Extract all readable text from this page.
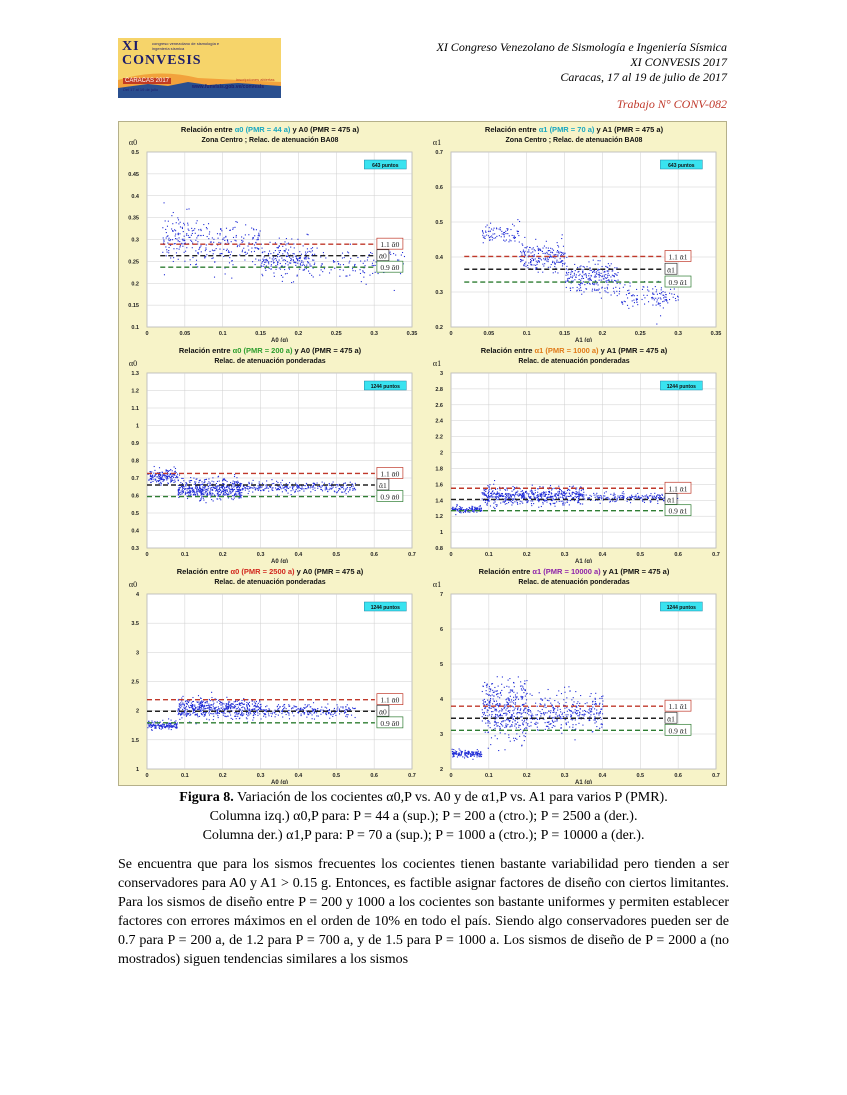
XI
CONVESIS
congreso venezolano de sismología e ingeniería sísmica
CARACAS 2017
Del 17 al 19 de julio
inscripciones abiertas
www.funvisis.gob.ve/convesis
XI Congreso Venezolano de Sismología e Ingeniería Sísmica
XI CONVESIS 2017
Caracas, 17 al 19 de julio de 2017
Trabajo N° CONV-082
Relación entre α0 (PMR = 44 a) y A0 (PMR = 475 a)
Zona Centro ; Relac. de atenuación BA08
α0
0	0.05	0.1	0.15	0.2	0.25	0.3	0.35
0.1
0.15
0.2
0.25
0.3
0.35
0.4
0.45
0.5
A0 (g)
1.1 ᾱ0
ᾱ0
0.9 ᾱ0
643 puntos
Relación entre α1 (PMR = 70 a) y A1 (PMR = 475 a)
Zona Centro ; Relac. de atenuación BA08
α1
0	0.05	0.1	0.15	0.2	0.25	0.3	0.35
0.2
0.3
0.4
0.5
0.6
0.7
A1 (g)
1.1 ᾱ1
ᾱ1
0.9 ᾱ1
643 puntos
Relación entre α0 (PMR = 200 a) y A0 (PMR = 475 a)
Relac. de atenuación ponderadas
α0
0	0.1	0.2	0.3	0.4	0.5	0.6	0.7
0.3
0.4
0.5
0.6
0.7
0.8
0.9
1
1.1
1.2
1.3
A0 (g)
1.1 ᾱ0
ᾱ1
0.9 ᾱ0
1244 puntos
Relación entre α1 (PMR = 1000 a) y A1 (PMR = 475 a)
Relac. de atenuación ponderadas
α1
0	0.1	0.2	0.3	0.4	0.5	0.6	0.7
0.8
1
1.2
1.4
1.6
1.8
2
2.2
2.4
2.6
2.8
3
A1 (g)
1.1 ᾱ1
ᾱ1
0.9 ᾱ1
1244 puntos
Relación entre α0 (PMR = 2500 a) y A0 (PMR = 475 a)
Relac. de atenuación ponderadas
α0
0	0.1	0.2	0.3	0.4	0.5	0.6	0.7
1
1.5
2
2.5
3
3.5
4
A0 (g)
1.1 ᾱ0
ᾱ0
0.9 ᾱ0
1244 puntos
Relación entre α1 (PMR = 10000 a) y A1 (PMR = 475 a)
Relac. de atenuación ponderadas
α1
0	0.1	0.2	0.3	0.4	0.5	0.6	0.7
2
3
4
5
6
7
A1 (g)
1.1 ᾱ1
ᾱ1
0.9 ᾱ1
1244 puntos
Figura 8. Variación de los cocientes α0,P vs. A0 y de α1,P vs. A1 para varios P (PMR).
Columna izq.) α0,P para: P = 44 a (sup.); P = 200 a (ctro.); P = 2500 a (der.).
Columna der.) α1,P para: P = 70 a (sup.); P = 1000 a (ctro.); P = 10000 a (der.).
Se encuentra que para los sismos frecuentes los cocientes tienen bastante variabilidad pero tienden a ser conservadores para A0 y A1 > 0.15 g. Entonces, es factible asignar factores de diseño con ciertos limitantes. Para los sismos de diseño entre P = 200 y 1000 a los cocientes son bastante uniformes y permiten establecer factores con errores máximos en el orden de 10% en todo el país. Siendo algo conservadores pueden ser de 0.7 para P = 200 a, de 1.2 para P = 700 a, y de 1.5 para P = 1000 a. Los sismos de diseño de P = 2000 a (no mostrados) siguen tendencias similares a los sismos
